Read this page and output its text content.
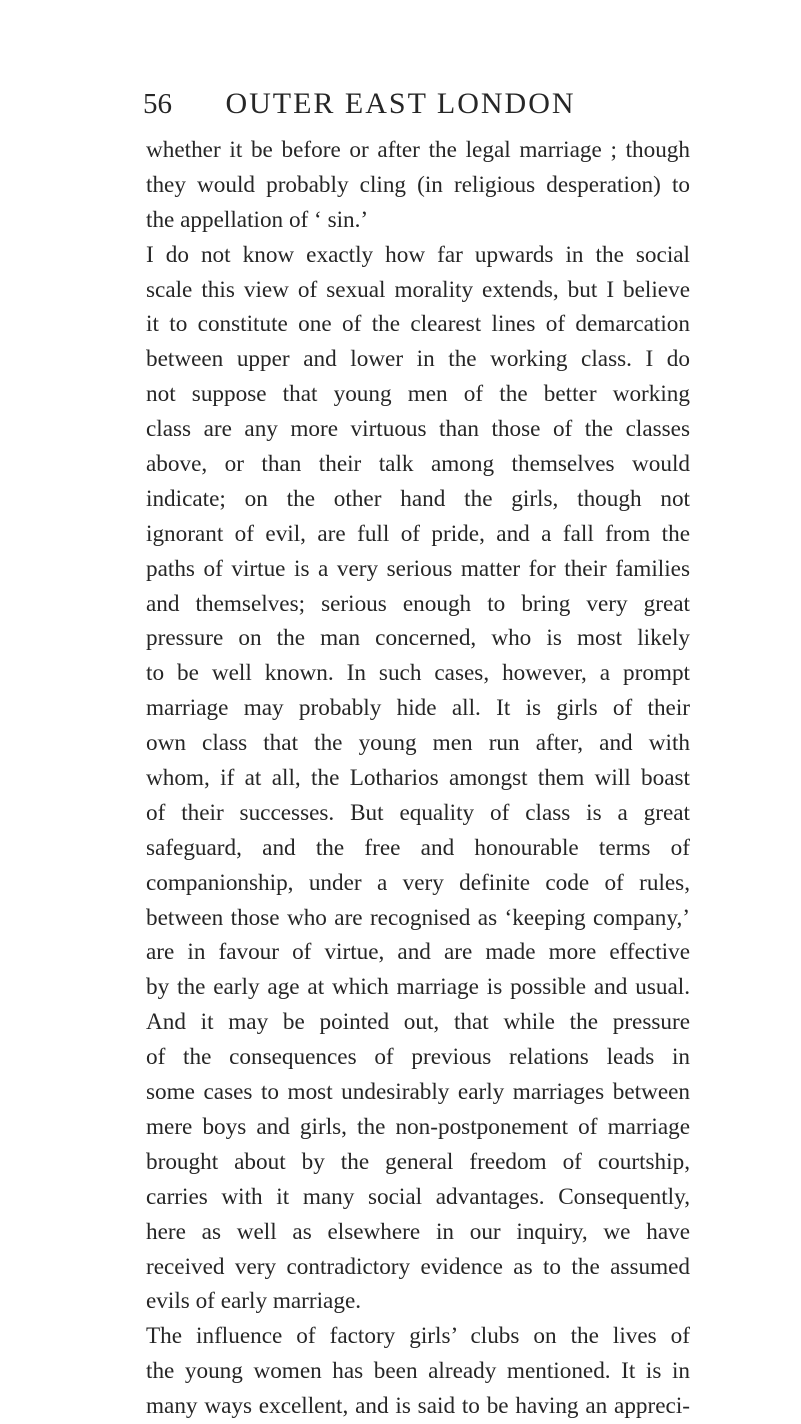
56	OUTER EAST LONDON
whether it be before or after the legal marriage ; though
they would probably cling (in religious desperation) to
the appellation of ‘ sin.’
I do not know exactly how far upwards in the social
scale this view of sexual morality extends, but I believe
it to constitute one of the clearest lines of demarcation
between upper and lower in the working class. I do
not suppose that young men of the better working
class are any more virtuous than those of the classes
above, or than their talk among themselves would
indicate; on the other hand the girls, though not
ignorant of evil, are full of pride, and a fall from the
paths of virtue is a very serious matter for their families
and themselves; serious enough to bring very great
pressure on the man concerned, who is most likely
to be well known. In such cases, however, a prompt
marriage may probably hide all. It is girls of their
own class that the young men run after, and with
whom, if at all, the Lotharios amongst them will boast
of their successes. But equality of class is a great
safeguard, and the free and honourable terms of
companionship, under a very definite code of rules,
between those who are recognised as ‘keeping company,’
are in favour of virtue, and are made more effective
by the early age at which marriage is possible and usual.
And it may be pointed out, that while the pressure
of the consequences of previous relations leads in
some cases to most undesirably early marriages between
mere boys and girls, the non-postponement of marriage
brought about by the general freedom of courtship,
carries with it many social advantages. Consequently,
here as well as elsewhere in our inquiry, we have
received very contradictory evidence as to the assumed
evils of early marriage.
The influence of factory girls’ clubs on the lives of
the young women has been already mentioned. It is in
many ways excellent, and is said to be having an appreci-
